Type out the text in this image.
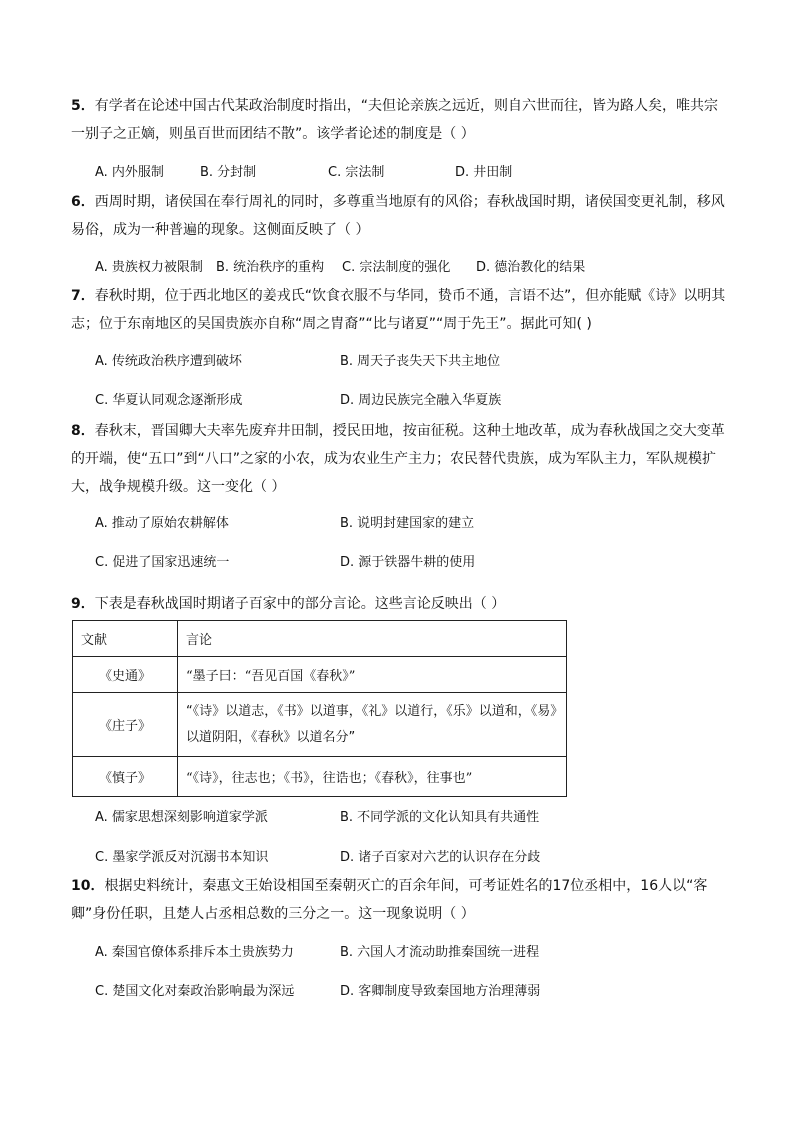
5．有学者在论述中国古代某政治制度时指出，“夫但论亲族之远近，则自六世而往，皆为路人矣，唯共宗一别子之正嫡，则虽百世而团结不散”。该学者论述的制度是（ ）

A. 内外服制	B. 分封制	C. 宗法制	D. 井田制

6．西周时期，诸侯国在奉行周礼的同时，多尊重当地原有的风俗；春秋战国时期，诸侯国变更礼制，移风易俗，成为一种普遍的现象。这侧面反映了（ ）

A. 贵族权力被限制 B. 统治秩序的重构 C. 宗法制度的强化 D. 德治教化的结果

7．春秋时期，位于西北地区的姜戎氏“饮食衣服不与华同，贽币不通，言语不达”，但亦能赋《诗》以明其志；位于东南地区的吴国贵族亦自称“周之胄裔”“比与诸夏”“周于先王”。据此可知( )

A. 传统政治秩序遭到破坏	B. 周天子丧失天下共主地位
C. 华夏认同观念逐渐形成	D. 周边民族完全融入华夏族

8．春秋末，晋国卿大夫率先废弃井田制，授民田地，按亩征税。这种土地改革，成为春秋战国之交大变革的开端，使“五口”到“八口”之家的小农，成为农业生产主力；农民替代贵族，成为军队主力，军队规模扩大，战争规模升级。这一变化（ ）

A. 推动了原始农耕解体	B. 说明封建国家的建立
C. 促进了国家迅速统一	D. 源于铁器牛耕的使用

9．下表是春秋战国时期诸子百家中的部分言论。这些言论反映出（ ）

文献	言论
《史通》	“墨子曰：“吾见百国《春秋》”
《庄子》	“《诗》以道志，《书》以道事，《礼》以道行，《乐》以道和，《易》以道阴阳，《春秋》以道名分”
《慎子》	“《诗》，往志也；《书》，往诰也；《春秋》，往事也”
A. 儒家思想深刻影响道家学派	B. 不同学派的文化认知具有共通性
C. 墨家学派反对沉溺书本知识	D. 诸子百家对六艺的认识存在分歧

10．根据史料统计，秦惠文王始设相国至秦朝灭亡的百余年间，可考证姓名的17位丞相中，16人以“客卿”身份任职，且楚人占丞相总数的三分之一。这一现象说明（ ）

A. 秦国官僚体系排斥本土贵族势力	B. 六国人才流动助推秦国统一进程
C. 楚国文化对秦政治影响最为深远	D. 客卿制度导致秦国地方治理薄弱
